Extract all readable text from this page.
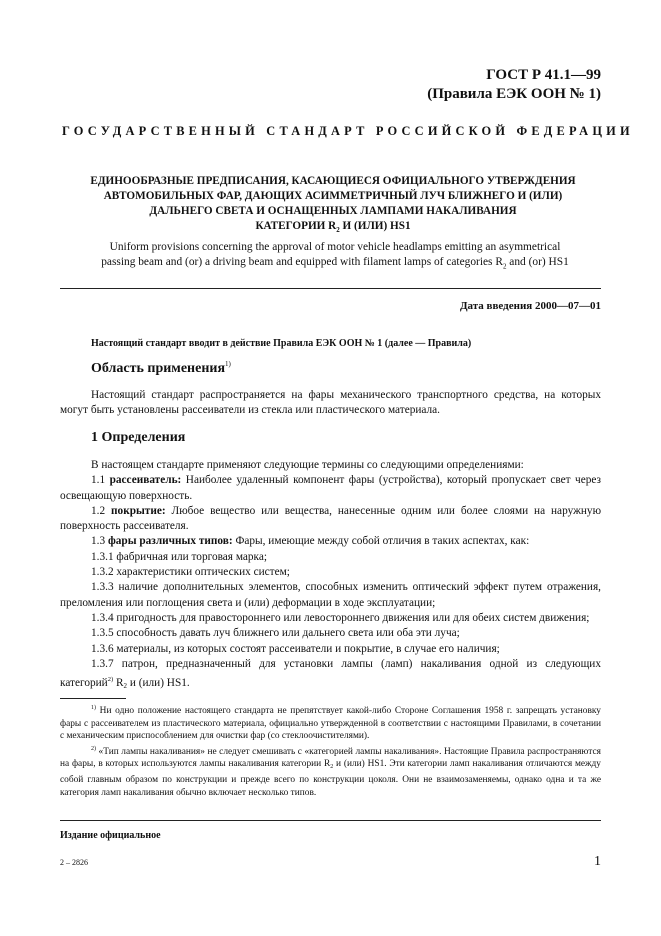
ГОСТ Р 41.1—99
(Правила ЕЭК ООН № 1)
ГОСУДАРСТВЕННЫЙ СТАНДАРТ РОССИЙСКОЙ ФЕДЕРАЦИИ
ЕДИНООБРАЗНЫЕ ПРЕДПИСАНИЯ, КАСАЮЩИЕСЯ ОФИЦИАЛЬНОГО УТВЕРЖДЕНИЯ
АВТОМОБИЛЬНЫХ ФАР, ДАЮЩИХ АСИММЕТРИЧНЫЙ ЛУЧ БЛИЖНЕГО И (ИЛИ)
ДАЛЬНЕГО СВЕТА И ОСНАЩЕННЫХ ЛАМПАМИ НАКАЛИВАНИЯ
КАТЕГОРИИ $R_2$ И (ИЛИ) HS1
Uniform provisions concerning the approval of motor vehicle headlamps emitting an asymmetrical
passing beam and (or) a driving beam and equipped with filament lamps of categories $R_2$ and (or) HS1
Дата введения 2000—07—01
Настоящий стандарт вводит в действие Правила ЕЭК ООН № 1 (далее — Правила)
Область применения$^{1)}$
Настоящий стандарт распространяется на фары механического транспортного средства, на которых могут быть установлены рассеиватели из стекла или пластического материала.
1 Определения

В настоящем стандарте применяют следующие термины со следующими определениями:

1.1 рассеиватель: Наиболее удаленный компонент фары (устройства), который пропускает свет через освещающую поверхность.

1.2 покрытие: Любое вещество или вещества, нанесенные одним или более слоями на наружную поверхность рассеивателя.

1.3 фары различных типов: Фары, имеющие между собой отличия в таких аспектах, как:

1.3.1 фабричная или торговая марка;

1.3.2 характеристики оптических систем;

1.3.3 наличие дополнительных элементов, способных изменить оптический эффект путем отражения, преломления или поглощения света и (или) деформации в ходе эксплуатации;

1.3.4 пригодность для правостороннего или левостороннего движения или для обеих систем движения;

1.3.5 способность давать луч ближнего или дальнего света или оба эти луча;

1.3.6 материалы, из которых состоят рассеиватели и покрытие, в случае его наличия;

1.3.7 патрон, предназначенный для установки лампы (ламп) накаливания одной из следующих категорий$^{2)}$ $R_2$ и (или) HS1.

$^{1)}$ Ни одно положение настоящего стандарта не препятствует какой-либо Стороне Соглашения 1958 г. запрещать установку фары с рассеивателем из пластического материала, официально утвержденной в соответствии с настоящими Правилами, в сочетании с механическим приспособлением для очистки фар (со стеклоочистителями).

$^{2)}$ «Тип лампы накаливания» не следует смешивать с «категорией лампы накаливания». Настоящие Правила распространяются на фары, в которых используются лампы накаливания категории $R_2$ и (или) HS1. Эти категории ламп накаливания отличаются между собой главным образом по конструкции и прежде всего по конструкции цоколя. Они не взаимозаменяемы, однако одна и та же категория ламп накаливания обычно включает несколько типов.

Издание официальное
2 – 2826	1
